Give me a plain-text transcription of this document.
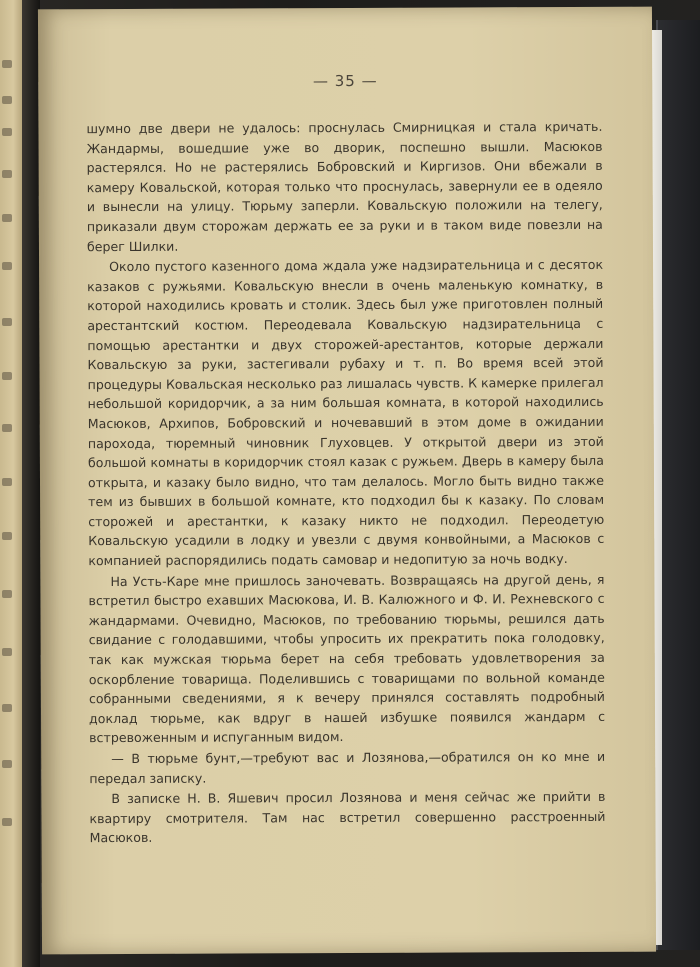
— 35 —

шумно две двери не удалось: проснулась Смирницкая и стала кричать. Жандармы, вошедшие уже во дворик, поспешно вышли. Масюков растерялся. Но не растерялись Бобровский и Киргизов. Они вбежали в камеру Ковальской, которая только что проснулась, завернули ее в одеяло и вынесли на улицу. Тюрьму заперли. Ковальскую положили на телегу, приказали двум сторожам держать ее за руки и в таком виде повезли на берег Шилки.

Около пустого казенного дома ждала уже надзирательница и с десяток казаков с ружьями. Ковальскую внесли в очень маленькую комнатку, в которой находились кровать и столик. Здесь был уже приготовлен полный арестантский костюм. Переодевала Ковальскую надзирательница с помощью арестантки и двух сторожей-арестантов, которые держали Ковальскую за руки, застегивали рубаху и т. п. Во время всей этой процедуры Ковальская несколько раз лишалась чувств. К камерке прилегал небольшой коридорчик, а за ним большая комната, в которой находились Масюков, Архипов, Бобровский и ночевавший в этом доме в ожидании парохода, тюремный чиновник Глуховцев. У открытой двери из этой большой комнаты в коридорчик стоял казак с ружьем. Дверь в камеру была открыта, и казаку было видно, что там делалось. Могло быть видно также тем из бывших в большой комнате, кто подходил бы к казаку. По словам сторожей и арестантки, к казаку никто не подходил. Переодетую Ковальскую усадили в лодку и увезли с двумя конвойными, а Масюков с компанией распорядились подать самовар и недопитую за ночь водку.

На Усть-Каре мне пришлось заночевать. Возвращаясь на другой день, я встретил быстро ехавших Масюкова, И. В. Калюжного и Ф. И. Рехневского с жандармами. Очевидно, Масюков, по требованию тюрьмы, решился дать свидание с голодавшими, чтобы упросить их прекратить пока голодовку, так как мужская тюрьма берет на себя требовать удовлетворения за оскорбление товарища. Поделившись с товарищами по вольной команде собранными сведениями, я к вечеру принялся составлять подробный доклад тюрьме, как вдруг в нашей избушке появился жандарм с встревоженным и испуганным видом.

— В тюрьме бунт,—требуют вас и Лозянова,—обратился он ко мне и передал записку.

В записке Н. В. Яшевич просил Лозянова и меня сейчас же прийти в квартиру смотрителя. Там нас встретил совершенно расстроенный Масюков.
